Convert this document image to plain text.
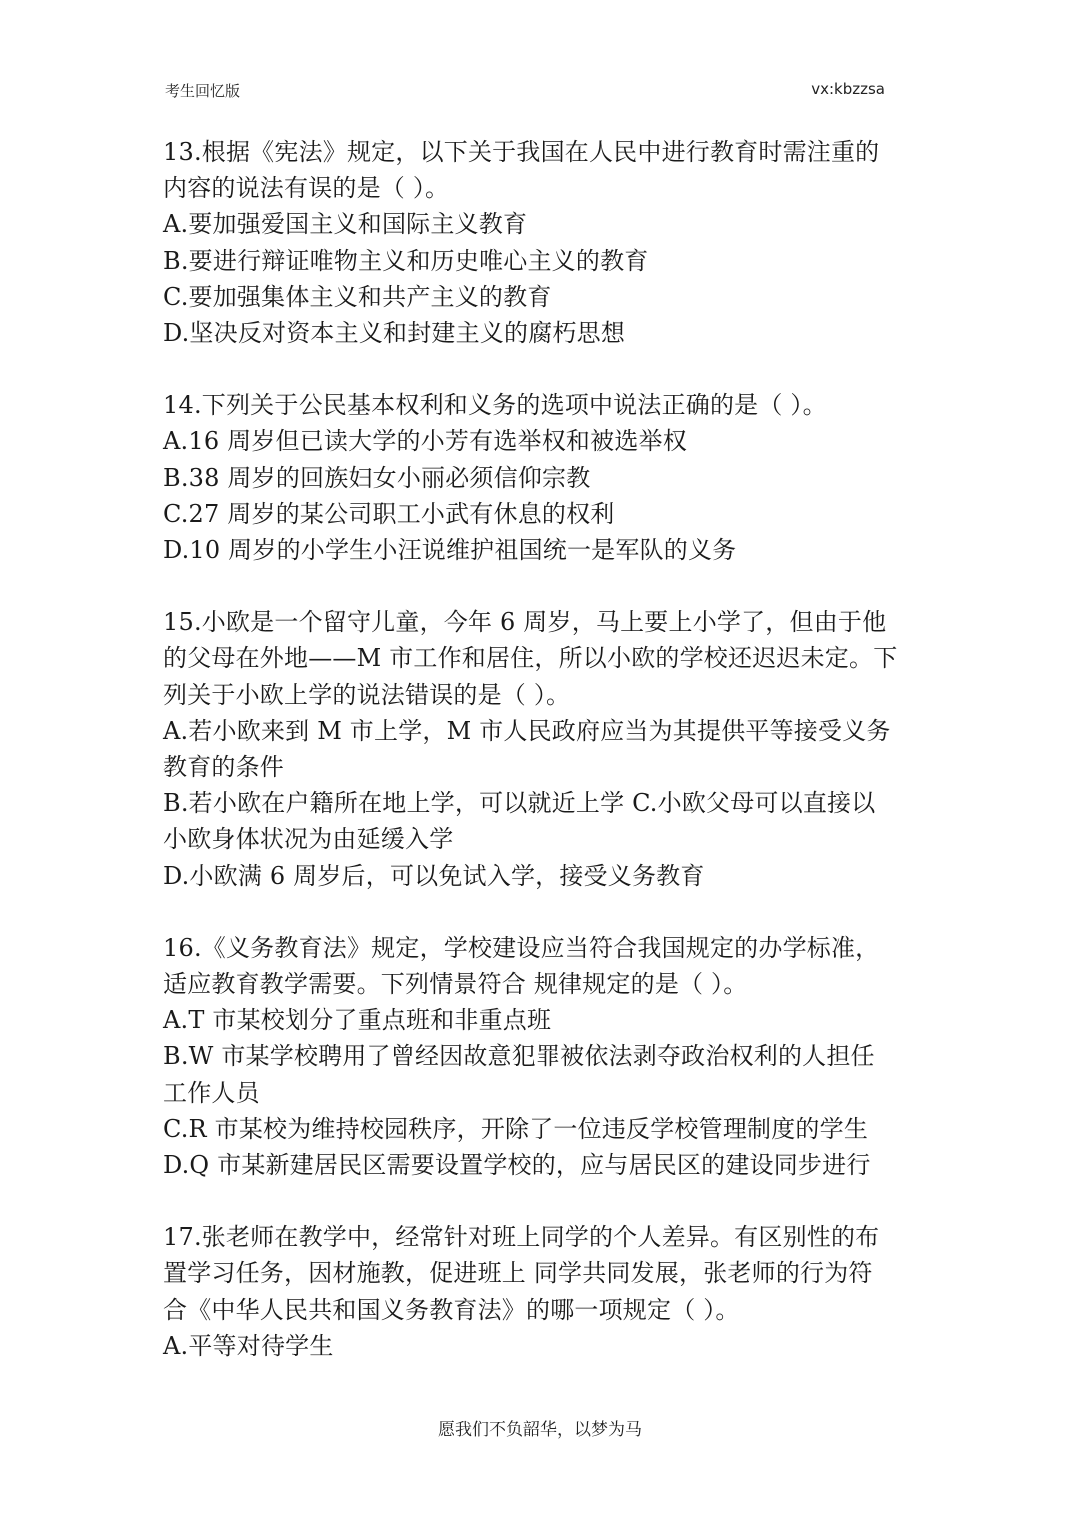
考生回忆版	vx:kbzzsa
13.根据《宪法》规定，以下关于我国在人民中进行教育时需注重的
内容的说法有误的是（ ）。
A.要加强爱国主义和国际主义教育
B.要进行辩证唯物主义和历史唯心主义的教育
C.要加强集体主义和共产主义的教育
D.坚决反对资本主义和封建主义的腐朽思想
14.下列关于公民基本权利和义务的选项中说法正确的是（ ）。
A.16 周岁但已读大学的小芳有选举权和被选举权
B.38 周岁的回族妇女小丽必须信仰宗教
C.27 周岁的某公司职工小武有休息的权利
D.10 周岁的小学生小汪说维护祖国统一是军队的义务
15.小欧是一个留守儿童，今年 6 周岁，马上要上小学了，但由于他
的父母在外地——M 市工作和居住，所以小欧的学校还迟迟未定。下
列关于小欧上学的说法错误的是（ ）。
A.若小欧来到 M 市上学，M 市人民政府应当为其提供平等接受义务
教育的条件
B.若小欧在户籍所在地上学，可以就近上学 C.小欧父母可以直接以
小欧身体状况为由延缓入学
D.小欧满 6 周岁后，可以免试入学，接受义务教育
16.《义务教育法》规定，学校建设应当符合我国规定的办学标准，
适应教育教学需要。下列情景符合 规律规定的是（ ）。
A.T 市某校划分了重点班和非重点班
B.W 市某学校聘用了曾经因故意犯罪被依法剥夺政治权利的人担任
工作人员
C.R 市某校为维持校园秩序，开除了一位违反学校管理制度的学生
D.Q 市某新建居民区需要设置学校的，应与居民区的建设同步进行
17.张老师在教学中，经常针对班上同学的个人差异。有区别性的布
置学习任务，因材施教，促进班上 同学共同发展，张老师的行为符
合《中华人民共和国义务教育法》的哪一项规定（ ）。
A.平等对待学生
愿我们不负韶华，以梦为马
